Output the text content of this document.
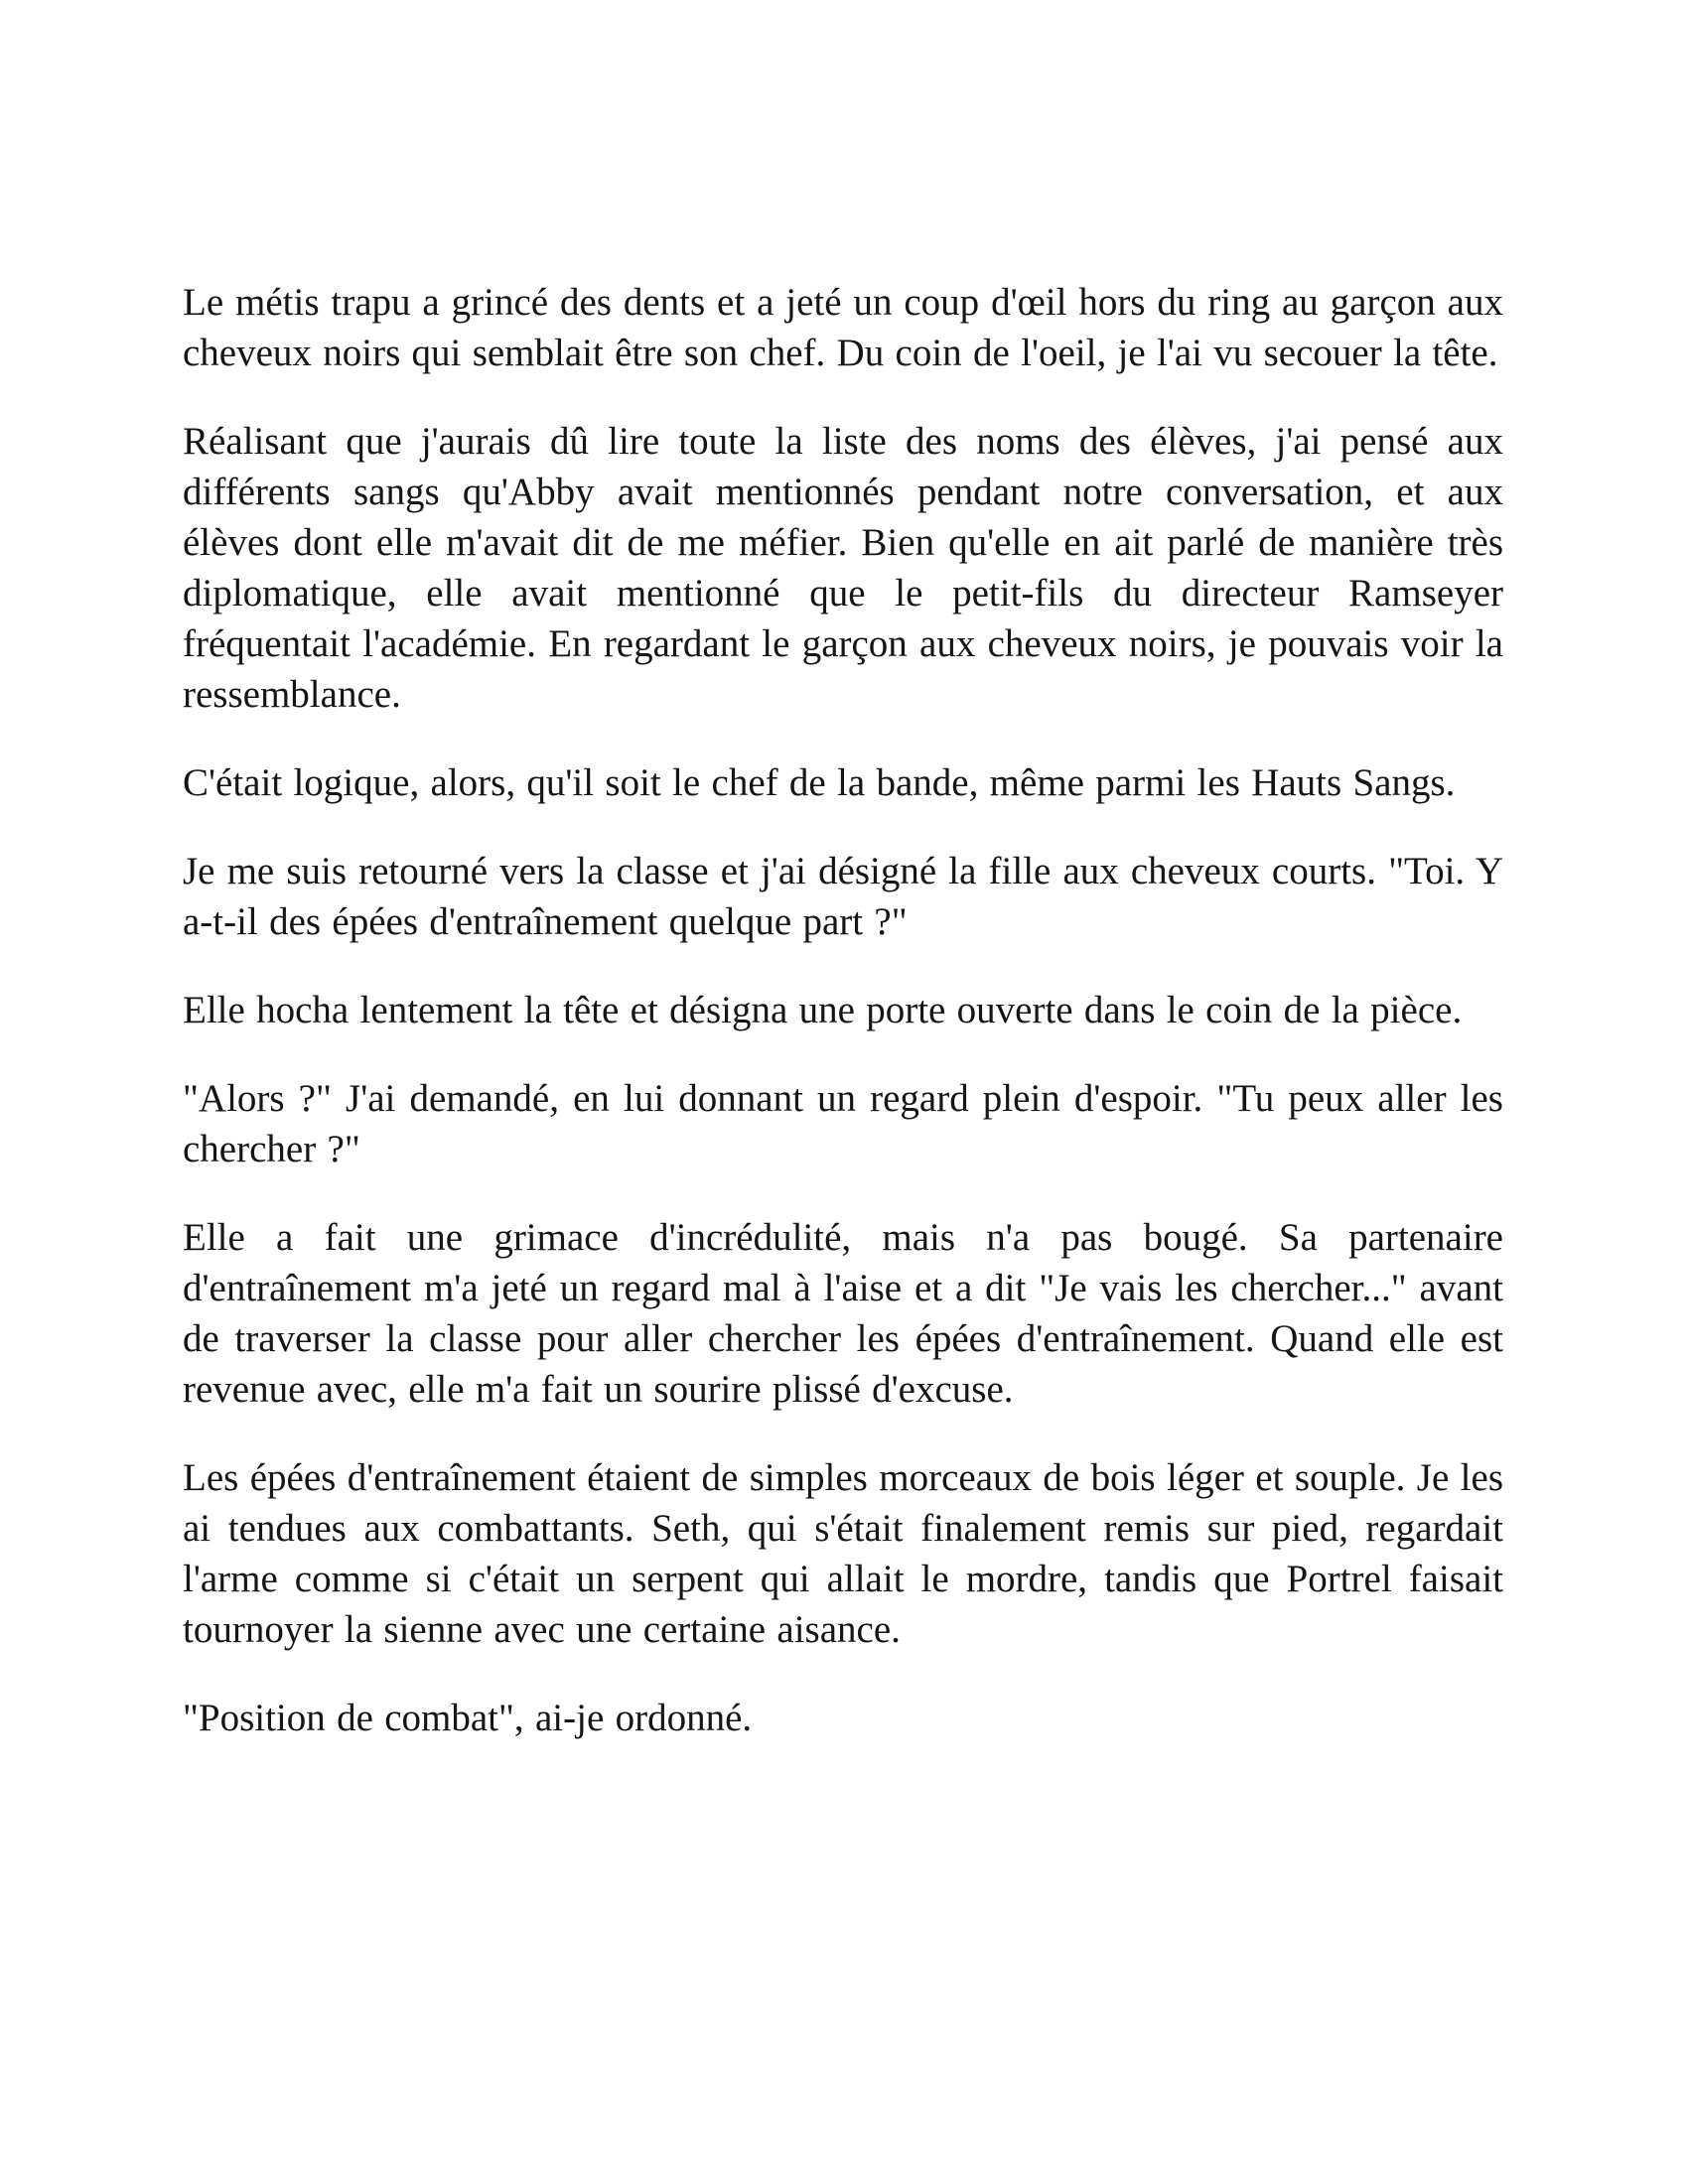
Le métis trapu a grincé des dents et a jeté un coup d'œil hors du ring au garçon aux cheveux noirs qui semblait être son chef. Du coin de l'oeil, je l'ai vu secouer la tête.

Réalisant que j'aurais dû lire toute la liste des noms des élèves, j'ai pensé aux différents sangs qu'Abby avait mentionnés pendant notre conversation, et aux élèves dont elle m'avait dit de me méfier. Bien qu'elle en ait parlé de manière très diplomatique, elle avait mentionné que le petit-fils du directeur Ramseyer fréquentait l'académie. En regardant le garçon aux cheveux noirs, je pouvais voir la ressemblance.

C'était logique, alors, qu'il soit le chef de la bande, même parmi les Hauts Sangs.

Je me suis retourné vers la classe et j'ai désigné la fille aux cheveux courts. "Toi. Y a-t-il des épées d'entraînement quelque part ?"

Elle hocha lentement la tête et désigna une porte ouverte dans le coin de la pièce.

"Alors ?" J'ai demandé, en lui donnant un regard plein d'espoir. "Tu peux aller les chercher ?"

Elle a fait une grimace d'incrédulité, mais n'a pas bougé. Sa partenaire d'entraînement m'a jeté un regard mal à l'aise et a dit "Je vais les chercher..." avant de traverser la classe pour aller chercher les épées d'entraînement. Quand elle est revenue avec, elle m'a fait un sourire plissé d'excuse.

Les épées d'entraînement étaient de simples morceaux de bois léger et souple. Je les ai tendues aux combattants. Seth, qui s'était finalement remis sur pied, regardait l'arme comme si c'était un serpent qui allait le mordre, tandis que Portrel faisait tournoyer la sienne avec une certaine aisance.

"Position de combat", ai-je ordonné.
